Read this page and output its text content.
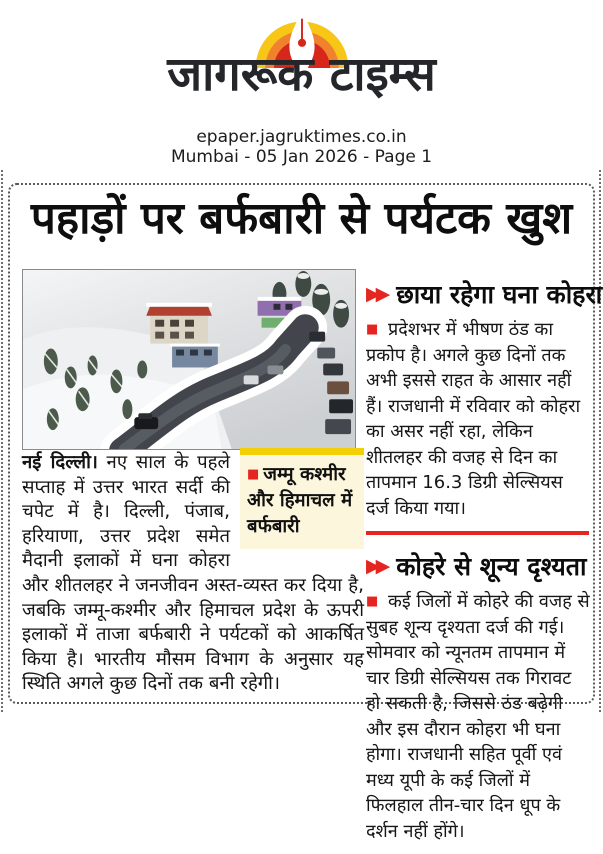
जागरूक टाइम्स
epaper.jagruktimes.co.in
Mumbai - 05 Jan 2026 - Page 1
पहाड़ों पर बर्फबारी से पर्यटक खुश
■ जम्मू कश्मीर और हिमाचल में बर्फबारी
नई दिल्ली। नए साल के पहले सप्ताह में उत्तर भारत सर्दी की चपेट में है। दिल्ली, पंजाब, हरियाणा, उत्तर प्रदेश समेत मैदानी इलाकों में घना कोहरा और शीतलहर ने जनजीवन अस्त-व्यस्त कर दिया है, जबकि जम्मू-कश्मीर और हिमाचल प्रदेश के ऊपरी इलाकों में ताजा बर्फबारी ने पर्यटकों को आकर्षित किया है। भारतीय मौसम विभाग के अनुसार यह स्थिति अगले कुछ दिनों तक बनी रहेगी।
▶▶ छाया रहेगा घना कोहरा

■ प्रदेशभर में भीषण ठंड का प्रकोप है। अगले कुछ दिनों तक अभी इससे राहत के आसार नहीं हैं। राजधानी में रविवार को कोहरा का असर नहीं रहा, लेकिन शीतलहर की वजह से दिन का तापमान 16.3 डिग्री सेल्सियस दर्ज किया गया।

▶▶ कोहरे से शून्य दृश्यता

■ कई जिलों में कोहरे की वजह से सुबह शून्य दृश्यता दर्ज की गई। सोमवार को न्यूनतम तापमान में चार डिग्री सेल्सियस तक गिरावट हो सकती है, जिससे ठंड बढ़ेगी और इस दौरान कोहरा भी घना होगा। राजधानी सहित पूर्वी एवं मध्य यूपी के कई जिलों में फिलहाल तीन-चार दिन धूप के दर्शन नहीं होंगे।
